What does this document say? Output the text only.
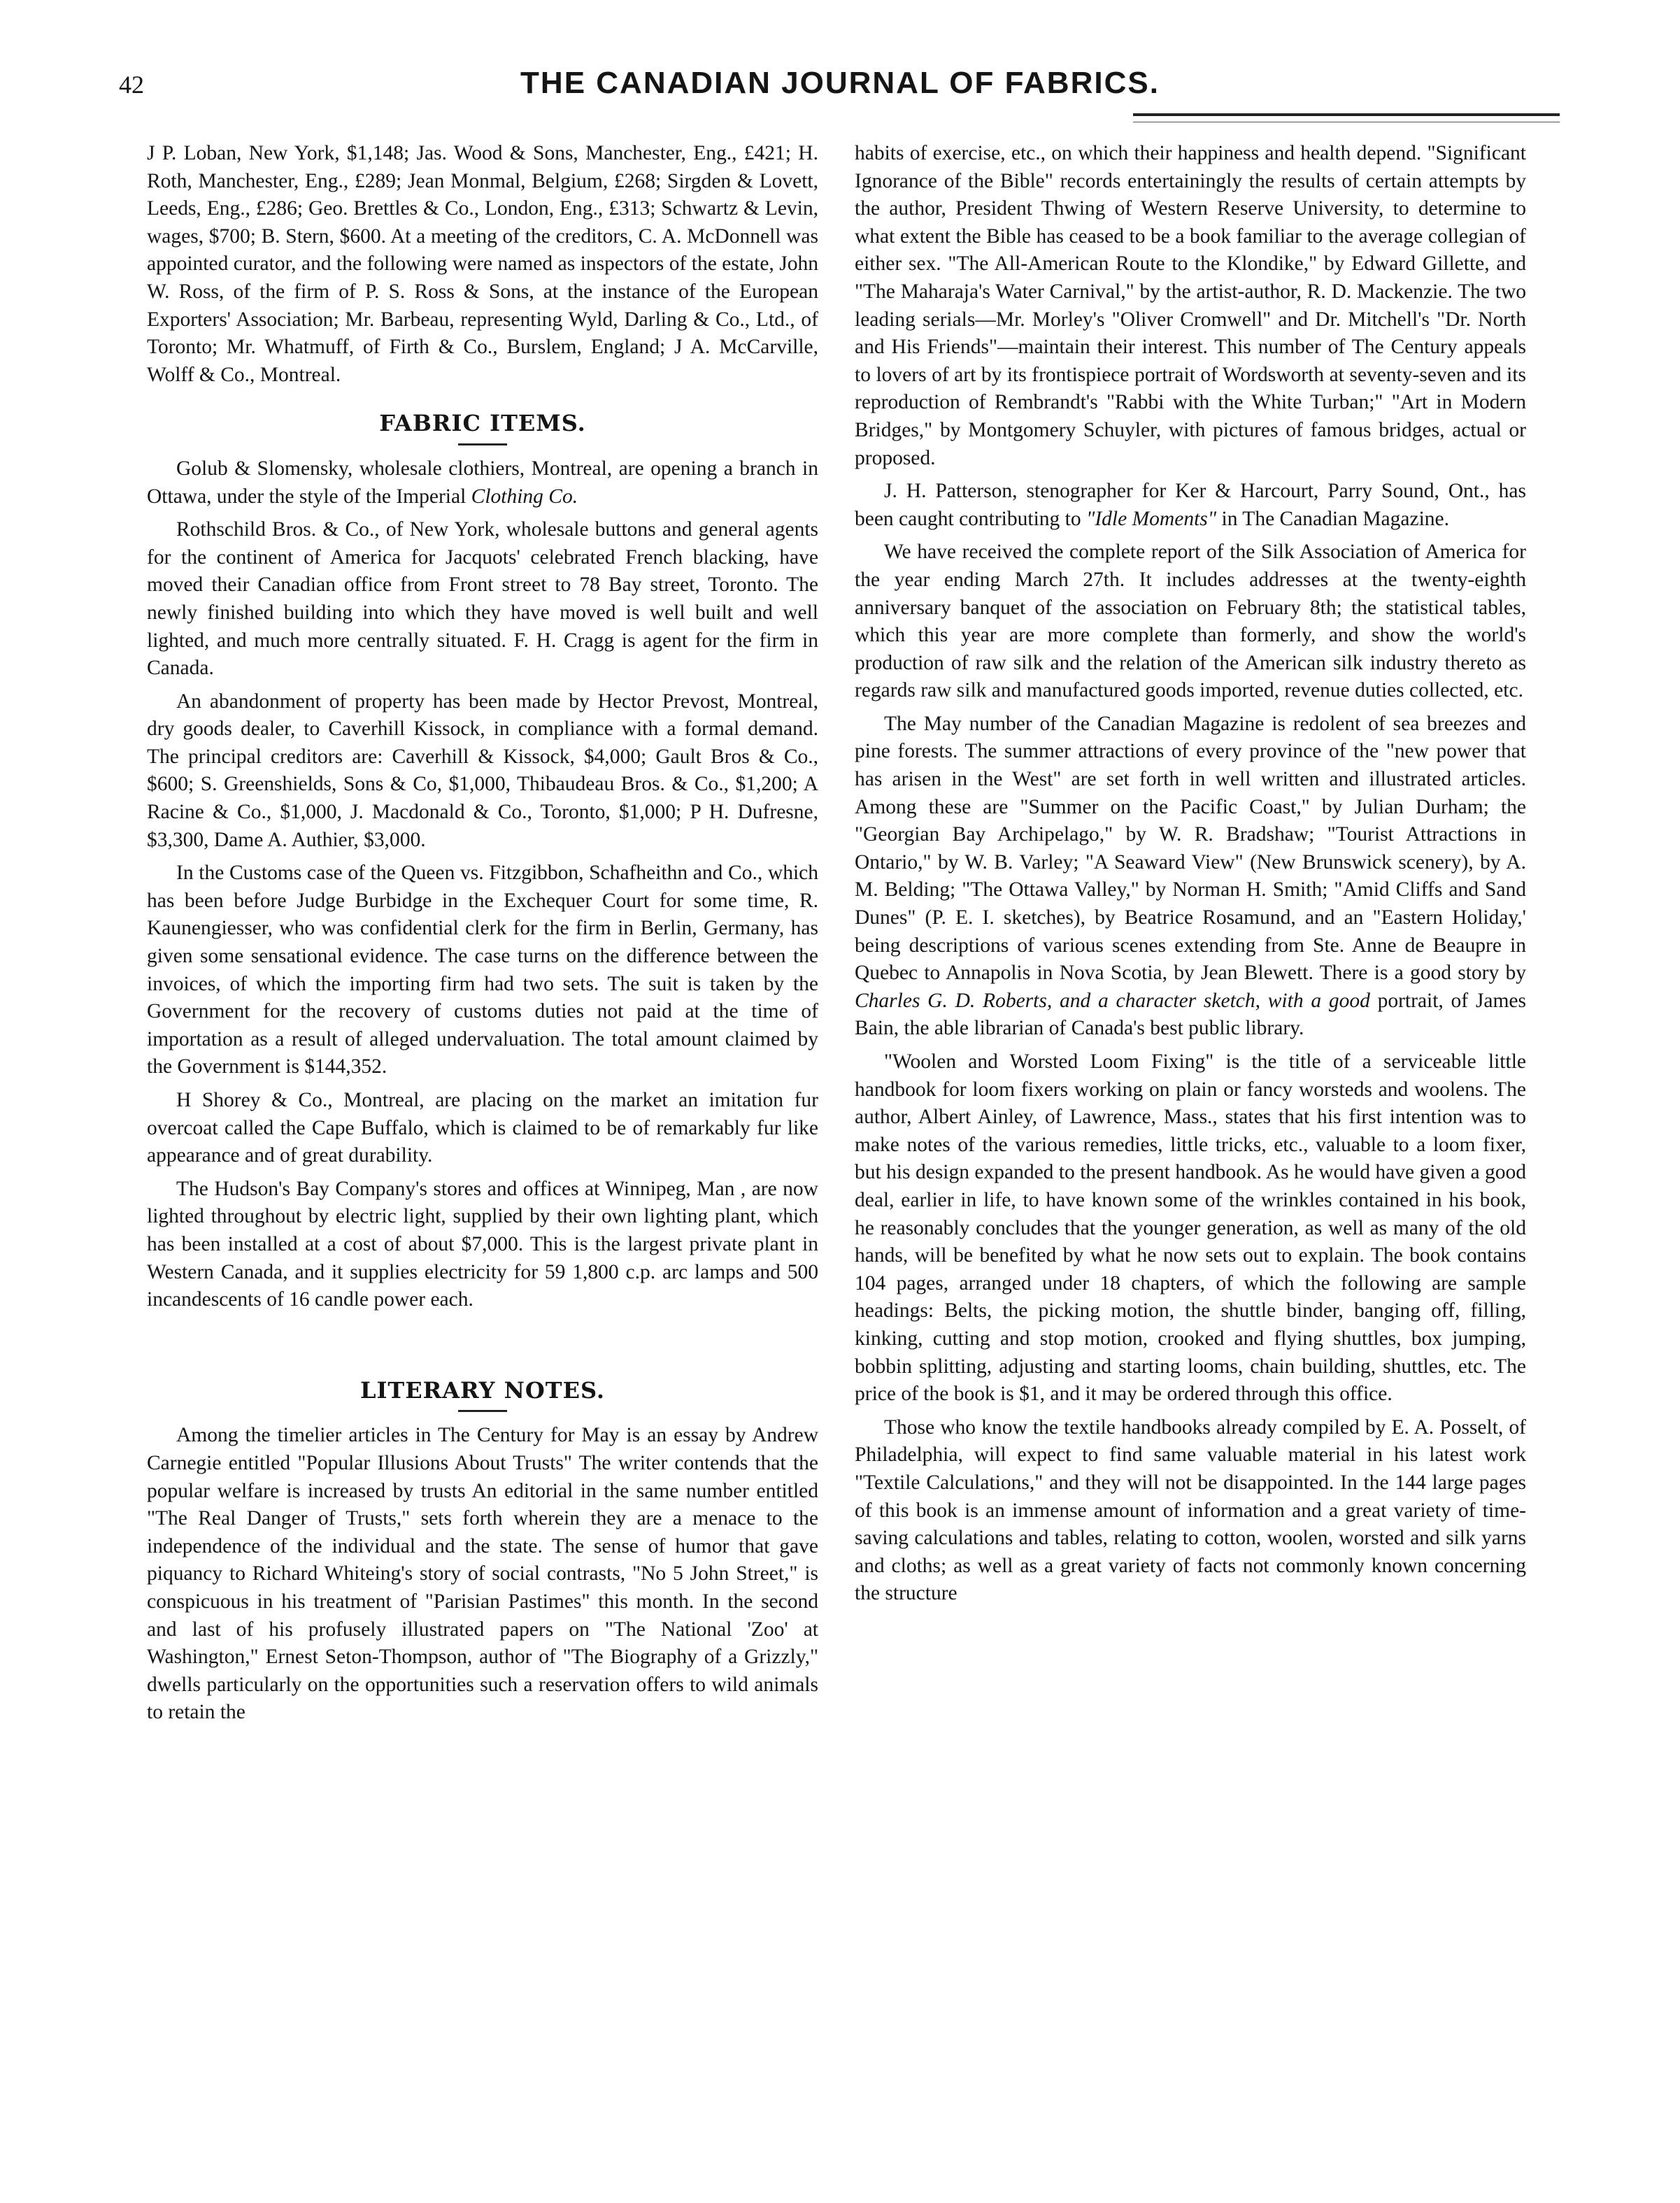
42	THE CANADIAN JOURNAL OF FABRICS.

J P. Loban, New York, $1,148; Jas. Wood & Sons, Manchester, Eng., £421; H. Roth, Manchester, Eng., £289; Jean Monmal, Belgium, £268; Sirgden & Lovett, Leeds, Eng., £286; Geo. Brettles & Co., London, Eng., £313; Schwartz & Levin, wages, $700; B. Stern, $600. At a meeting of the creditors, C. A. McDonnell was appointed curator, and the following were named as inspectors of the estate, John W. Ross, of the firm of P. S. Ross & Sons, at the instance of the European Exporters' Association; Mr. Barbeau, representing Wyld, Darling & Co., Ltd., of Toronto; Mr. Whatmuff, of Firth & Co., Burslem, England; J A. McCarville, Wolff & Co., Montreal.

FABRIC ITEMS.

Golub & Slomensky, wholesale clothiers, Montreal, are opening a branch in Ottawa, under the style of the Imperial Clothing Co.

Rothschild Bros. & Co., of New York, wholesale buttons and general agents for the continent of America for Jacquots' celebrated French blacking, have moved their Canadian office from Front street to 78 Bay street, Toronto. The newly finished building into which they have moved is well built and well lighted, and much more centrally situated. F. H. Cragg is agent for the firm in Canada.

An abandonment of property has been made by Hector Prevost, Montreal, dry goods dealer, to Caverhill Kissock, in compliance with a formal demand. The principal creditors are: Caverhill & Kissock, $4,000; Gault Bros & Co., $600; S. Greenshields, Sons & Co, $1,000, Thibaudeau Bros. & Co., $1,200; A Racine & Co., $1,000, J. Macdonald & Co., Toronto, $1,000; P H. Dufresne, $3,300, Dame A. Authier, $3,000.

In the Customs case of the Queen vs. Fitzgibbon, Schafheithn and Co., which has been before Judge Burbidge in the Exchequer Court for some time, R. Kaunengiesser, who was confidential clerk for the firm in Berlin, Germany, has given some sensational evidence. The case turns on the difference between the invoices, of which the importing firm had two sets. The suit is taken by the Government for the recovery of customs duties not paid at the time of importation as a result of alleged undervaluation. The total amount claimed by the Government is $144,352.

H Shorey & Co., Montreal, are placing on the market an imitation fur overcoat called the Cape Buffalo, which is claimed to be of remarkably fur like appearance and of great durability.

The Hudson's Bay Company's stores and offices at Winnipeg, Man , are now lighted throughout by electric light, supplied by their own lighting plant, which has been installed at a cost of about $7,000. This is the largest private plant in Western Canada, and it supplies electricity for 59 1,800 c.p. arc lamps and 500 incandescents of 16 candle power each.

LITERARY NOTES.

Among the timelier articles in The Century for May is an essay by Andrew Carnegie entitled "Popular Illusions About Trusts" The writer contends that the popular welfare is increased by trusts An editorial in the same number entitled "The Real Danger of Trusts," sets forth wherein they are a menace to the independence of the individual and the state. The sense of humor that gave piquancy to Richard Whiteing's story of social contrasts, "No 5 John Street," is conspicuous in his treatment of "Parisian Pastimes" this month. In the second and last of his profusely illustrated papers on "The National 'Zoo' at Washington," Ernest Seton-Thompson, author of "The Biography of a Grizzly," dwells particularly on the opportunities such a reservation offers to wild animals to retain the

habits of exercise, etc., on which their happiness and health depend. "Significant Ignorance of the Bible" records entertainingly the results of certain attempts by the author, President Thwing of Western Reserve University, to determine to what extent the Bible has ceased to be a book familiar to the average collegian of either sex. "The All-American Route to the Klondike," by Edward Gillette, and "The Maharaja's Water Carnival," by the artist-author, R. D. Mackenzie. The two leading serials—Mr. Morley's "Oliver Cromwell" and Dr. Mitchell's "Dr. North and His Friends"—maintain their interest. This number of The Century appeals to lovers of art by its frontispiece portrait of Wordsworth at seventy-seven and its reproduction of Rembrandt's "Rabbi with the White Turban;" "Art in Modern Bridges," by Montgomery Schuyler, with pictures of famous bridges, actual or proposed.

J. H. Patterson, stenographer for Ker & Harcourt, Parry Sound, Ont., has been caught contributing to "Idle Moments" in The Canadian Magazine.

We have received the complete report of the Silk Association of America for the year ending March 27th. It includes addresses at the twenty-eighth anniversary banquet of the association on February 8th; the statistical tables, which this year are more complete than formerly, and show the world's production of raw silk and the relation of the American silk industry thereto as regards raw silk and manufactured goods imported, revenue duties collected, etc.

The May number of the Canadian Magazine is redolent of sea breezes and pine forests. The summer attractions of every province of the "new power that has arisen in the West" are set forth in well written and illustrated articles. Among these are "Summer on the Pacific Coast," by Julian Durham; the "Georgian Bay Archipelago," by W. R. Bradshaw; "Tourist Attractions in Ontario," by W. B. Varley; "A Seaward View" (New Brunswick scenery), by A. M. Belding; "The Ottawa Valley," by Norman H. Smith; "Amid Cliffs and Sand Dunes" (P. E. I. sketches), by Beatrice Rosamund, and an "Eastern Holiday,' being descriptions of various scenes extending from Ste. Anne de Beaupre in Quebec to Annapolis in Nova Scotia, by Jean Blewett. There is a good story by Charles G. D. Roberts, and a character sketch, with a good portrait, of James Bain, the able librarian of Canada's best public library.

"Woolen and Worsted Loom Fixing" is the title of a serviceable little handbook for loom fixers working on plain or fancy worsteds and woolens. The author, Albert Ainley, of Lawrence, Mass., states that his first intention was to make notes of the various remedies, little tricks, etc., valuable to a loom fixer, but his design expanded to the present handbook. As he would have given a good deal, earlier in life, to have known some of the wrinkles contained in his book, he reasonably concludes that the younger generation, as well as many of the old hands, will be benefited by what he now sets out to explain. The book contains 104 pages, arranged under 18 chapters, of which the following are sample headings: Belts, the picking motion, the shuttle binder, banging off, filling, kinking, cutting and stop motion, crooked and flying shuttles, box jumping, bobbin splitting, adjusting and starting looms, chain building, shuttles, etc. The price of the book is $1, and it may be ordered through this office.

Those who know the textile handbooks already compiled by E. A. Posselt, of Philadelphia, will expect to find same valuable material in his latest work "Textile Calculations," and they will not be disappointed. In the 144 large pages of this book is an immense amount of information and a great variety of time-saving calculations and tables, relating to cotton, woolen, worsted and silk yarns and cloths; as well as a great variety of facts not commonly known concerning the structure
